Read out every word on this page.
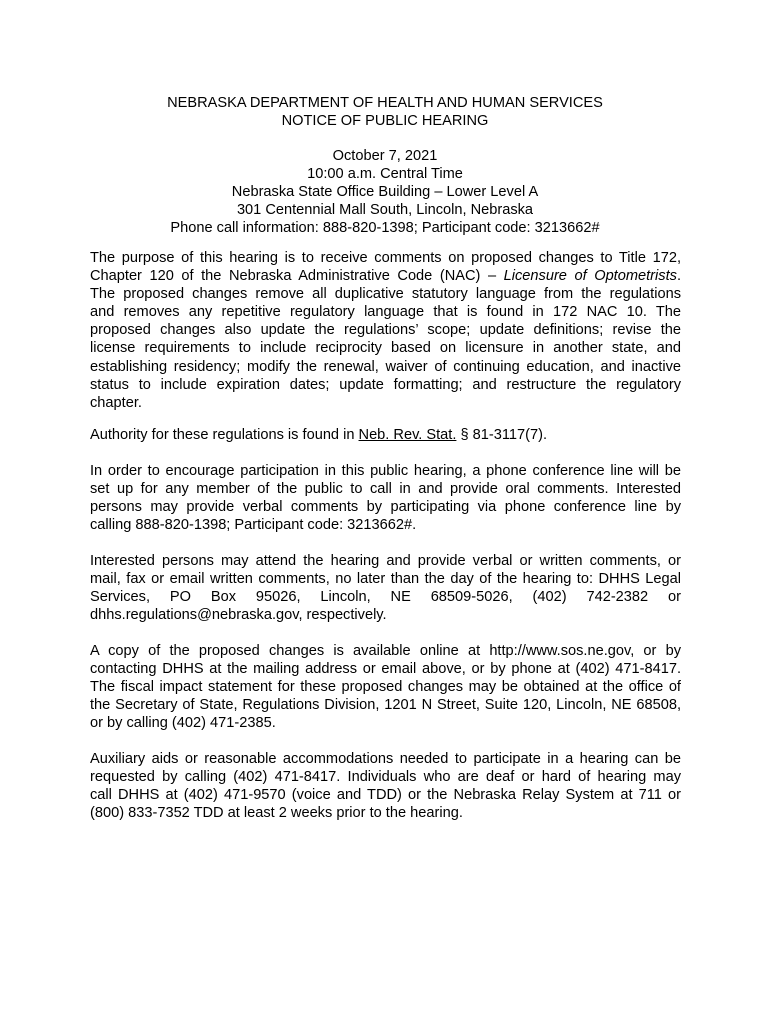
NEBRASKA DEPARTMENT OF HEALTH AND HUMAN SERVICES
NOTICE OF PUBLIC HEARING
October 7, 2021
10:00 a.m. Central Time
Nebraska State Office Building – Lower Level A
301 Centennial Mall South, Lincoln, Nebraska
Phone call information: 888-820-1398; Participant code: 3213662#
The purpose of this hearing is to receive comments on proposed changes to Title 172,
Chapter 120 of the Nebraska Administrative Code (NAC) – Licensure of Optometrists.
The proposed changes remove all duplicative statutory language from the regulations
and removes any repetitive regulatory language that is found in 172 NAC 10. The
proposed changes also update the regulations’ scope; update definitions; revise the
license requirements to include reciprocity based on licensure in another state, and
establishing residency; modify the renewal, waiver of continuing education, and inactive
status to include expiration dates; update formatting; and restructure the regulatory
chapter.
Authority for these regulations is found in Neb. Rev. Stat. § 81-3117(7).
In order to encourage participation in this public hearing, a phone conference line will be
set up for any member of the public to call in and provide oral comments. Interested
persons may provide verbal comments by participating via phone conference line by
calling 888-820-1398; Participant code: 3213662#.
Interested persons may attend the hearing and provide verbal or written comments, or
mail, fax or email written comments, no later than the day of the hearing to: DHHS Legal
Services, PO Box 95026, Lincoln, NE 68509-5026, (402) 742-2382 or
dhhs.regulations@nebraska.gov, respectively.
A copy of the proposed changes is available online at http://www.sos.ne.gov, or by
contacting DHHS at the mailing address or email above, or by phone at (402) 471-8417.
The fiscal impact statement for these proposed changes may be obtained at the office of
the Secretary of State, Regulations Division, 1201 N Street, Suite 120, Lincoln, NE 68508,
or by calling (402) 471-2385.
Auxiliary aids or reasonable accommodations needed to participate in a hearing can be
requested by calling (402) 471-8417. Individuals who are deaf or hard of hearing may
call DHHS at (402) 471-9570 (voice and TDD) or the Nebraska Relay System at 711 or
(800) 833-7352 TDD at least 2 weeks prior to the hearing.
